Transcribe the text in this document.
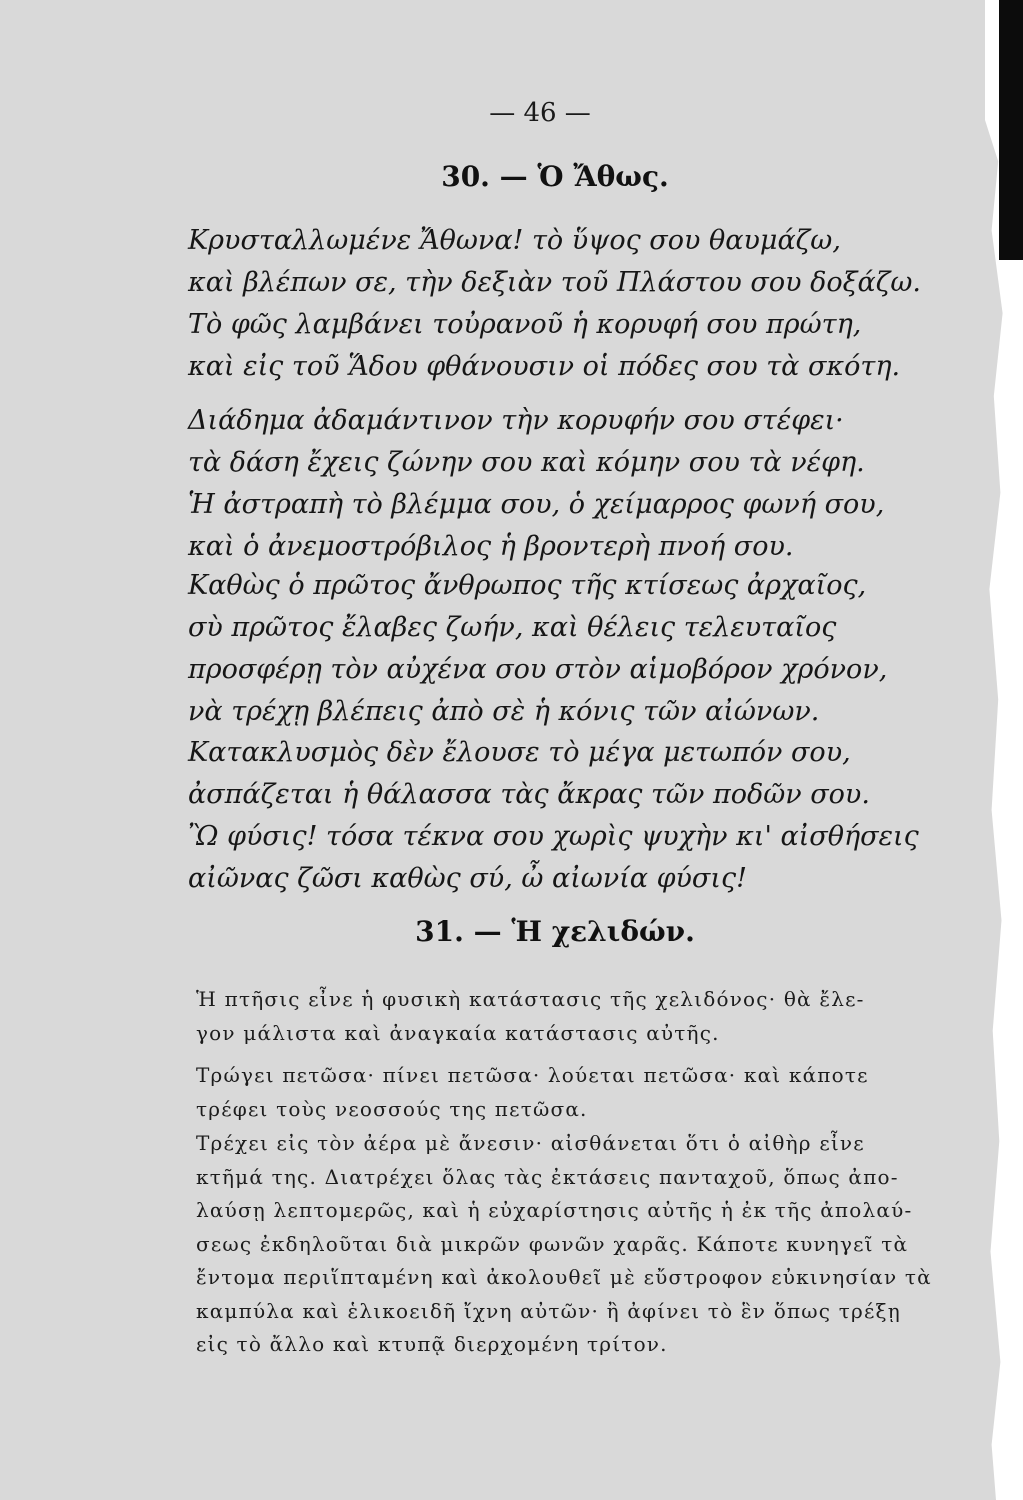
— 46 —
30. — Ὁ Ἄθως.
Κρυσταλλωμένε Ἄθωνα! τὸ ὕψος σου θαυμάζω,
καὶ βλέπων σε, τὴν δεξιὰν τοῦ Πλάστου σου δοξάζω.
Τὸ φῶς λαμβάνει τοὐρανοῦ ἡ κορυφή σου πρώτη,
καὶ εἰς τοῦ Ἅδου φθάνουσιν οἱ πόδες σου τὰ σκότη.
Διάδημα ἀδαμάντινον τὴν κορυφήν σου στέφει·
τὰ δάση ἔχεις ζώνην σου καὶ κόμην σου τὰ νέφη.
Ἡ ἀστραπὴ τὸ βλέμμα σου, ὁ χείμαρρος φωνή σου,
καὶ ὁ ἀνεμοστρόβιλος ἡ βροντερὴ πνοή σου.
Καθὼς ὁ πρῶτος ἄνθρωπος τῆς κτίσεως ἀρχαῖος,
σὺ πρῶτος ἔλαβες ζωήν, καὶ θέλεις τελευταῖος
προσφέρῃ τὸν αὐχένα σου στὸν αἱμοβόρον χρόνον,
νὰ τρέχῃ βλέπεις ἀπὸ σὲ ἡ κόνις τῶν αἰώνων.
Κατακλυσμὸς δὲν ἔλουσε τὸ μέγα μετωπόν σου,
ἀσπάζεται ἡ θάλασσα τὰς ἄκρας τῶν ποδῶν σου.
Ὢ φύσις! τόσα τέκνα σου χωρὶς ψυχὴν κι' αἰσθήσεις
αἰῶνας ζῶσι καθὼς σύ, ὦ αἰωνία φύσις!
31. — Ἡ χελιδών.
Ἡ πτῆσις εἶνε ἡ φυσικὴ κατάστασις τῆς χελιδόνος· θὰ ἔλε-
γον μάλιστα καὶ ἀναγκαία κατάστασις αὐτῆς.
Τρώγει πετῶσα· πίνει πετῶσα· λούεται πετῶσα· καὶ κάποτε
τρέφει τοὺς νεοσσούς της πετῶσα.
Τρέχει εἰς τὸν ἀέρα μὲ ἄνεσιν· αἰσθάνεται ὅτι ὁ αἰθὴρ εἶνε
κτῆμά της. Διατρέχει ὅλας τὰς ἐκτάσεις πανταχοῦ, ὅπως ἀπο-
λαύσῃ λεπτομερῶς, καὶ ἡ εὐχαρίστησις αὐτῆς ἡ ἐκ τῆς ἀπολαύ-
σεως ἐκδηλοῦται διὰ μικρῶν φωνῶν χαρᾶς. Κάποτε κυνηγεῖ τὰ
ἔντομα περιἵπταμένη καὶ ἀκολουθεῖ μὲ εὔστροφον εὐκινησίαν τὰ
καμπύλα καὶ ἑλικοειδῆ ἴχνη αὐτῶν· ἢ ἀφίνει τὸ ἓν ὅπως τρέξῃ
εἰς τὸ ἄλλο καὶ κτυπᾷ διερχομένη τρίτον.
